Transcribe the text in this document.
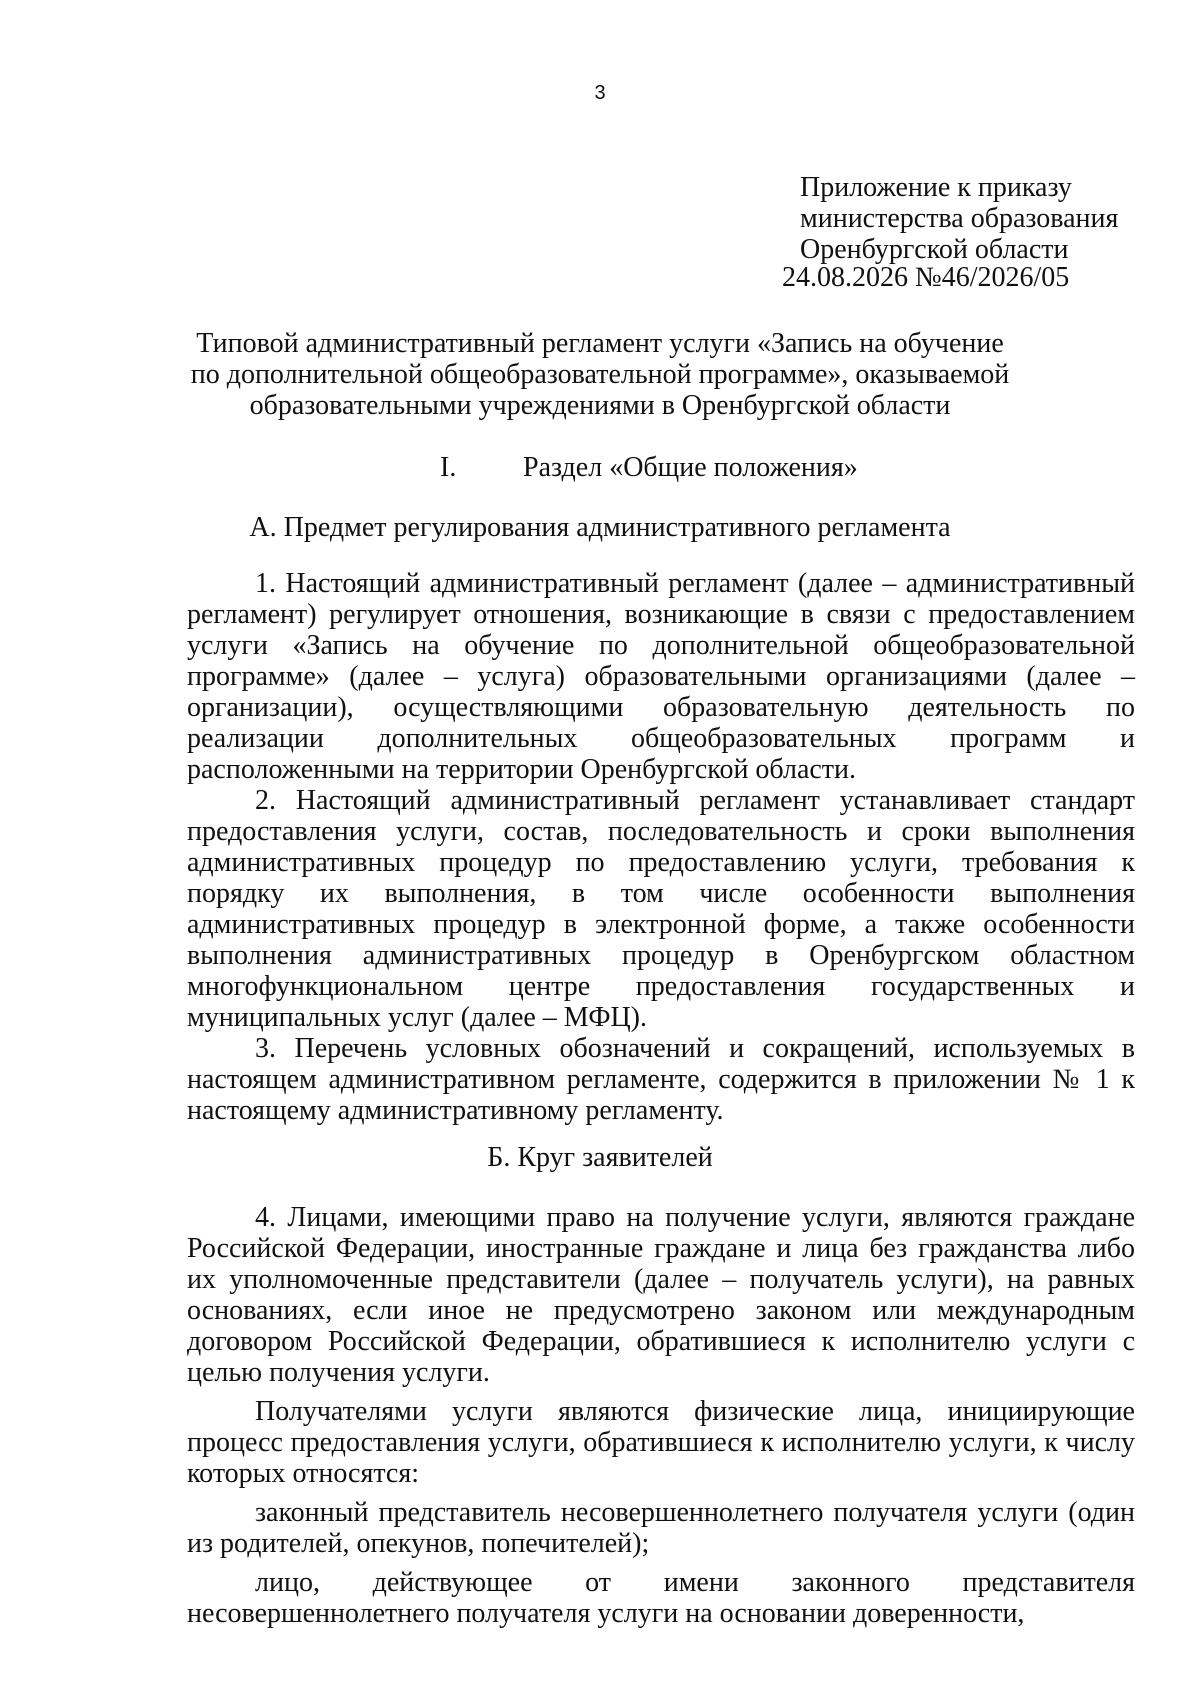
3
Приложение к приказу
министерства образования
Оренбургской области
24.08.2026 №46/2026/05
Типовой административный регламент услуги «Запись на обучение
по дополнительной общеобразовательной программе», оказываемой
образовательными учреждениями в Оренбургской области
I. Раздел «Общие положения»
А. Предмет регулирования административного регламента

1. Настоящий административный регламент (далее – административный регламент) регулирует отношения, возникающие в связи с предоставлением услуги «Запись на обучение по дополнительной общеобразовательной программе» (далее – услуга) образовательными организациями (далее – организации), осуществляющими образовательную деятельность по реализации дополнительных общеобразовательных программ и расположенными на территории Оренбургской области.

2. Настоящий административный регламент устанавливает стандарт предоставления услуги, состав, последовательность и сроки выполнения административных процедур по предоставлению услуги, требования к порядку их выполнения, в том числе особенности выполнения административных процедур в электронной форме, а также особенности выполнения административных процедур в Оренбургском областном многофункциональном центре предоставления государственных и муниципальных услуг (далее – МФЦ).

3. Перечень условных обозначений и сокращений, используемых в настоящем административном регламенте, содержится в приложении № 1 к настоящему административному регламенту.

Б. Круг заявителей

4. Лицами, имеющими право на получение услуги, являются граждане Российской Федерации, иностранные граждане и лица без гражданства либо их уполномоченные представители (далее – получатель услуги), на равных основаниях, если иное не предусмотрено законом или международным договором Российской Федерации, обратившиеся к исполнителю услуги с целью получения услуги.

Получателями услуги являются физические лица, инициирующие процесс предоставления услуги, обратившиеся к исполнителю услуги, к числу которых относятся:

законный представитель несовершеннолетнего получателя услуги (один из родителей, опекунов, попечителей);

лицо, действующее от имени законного представителя несовершеннолетнего получателя услуги на основании доверенности,
